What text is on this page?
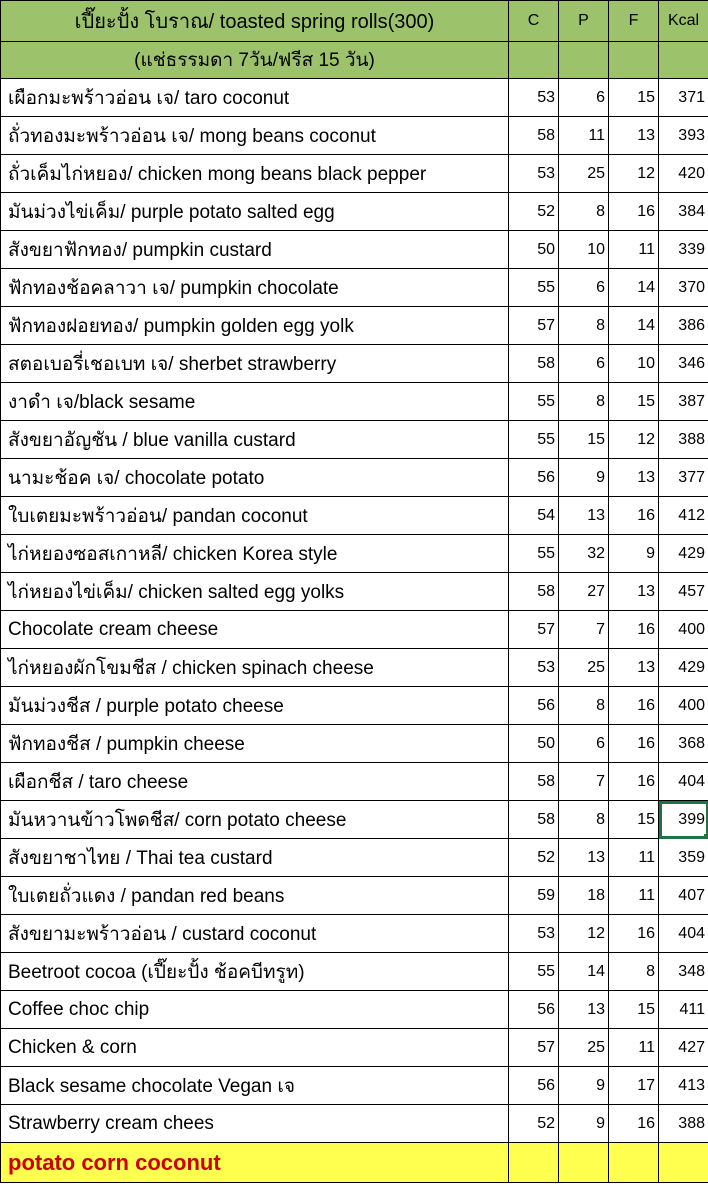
เปี๊ยะปั้ง โบราณ/ toasted spring rolls(300)	C	P	F	Kcal
(แช่ธรรมดา 7วัน/ฟรีส 15 วัน)				
เผือกมะพร้าวอ่อน เจ/ taro coconut	53	6	15	371
ถั่วทองมะพร้าวอ่อน เจ/ mong beans coconut	58	11	13	393
ถั่วเค็มไก่หยอง/ chicken mong beans black pepper	53	25	12	420
มันม่วงไข่เค็ม/ purple potato salted egg	52	8	16	384
สังขยาฟักทอง/ pumpkin custard	50	10	11	339
ฟักทองช้อคลาวา เจ/ pumpkin chocolate	55	6	14	370
ฟักทองฝอยทอง/ pumpkin golden egg yolk	57	8	14	386
สตอเบอรี่เชอเบท เจ/ sherbet strawberry	58	6	10	346
งาดำ เจ/black sesame	55	8	15	387
สังขยาอัญชัน / blue vanilla custard	55	15	12	388
นามะช้อค เจ/ chocolate potato	56	9	13	377
ใบเตยมะพร้าวอ่อน/ pandan coconut	54	13	16	412
ไก่หยองซอสเกาหลี/ chicken Korea style	55	32	9	429
ไก่หยองไข่เค็ม/ chicken salted egg yolks	58	27	13	457
Chocolate cream cheese	57	7	16	400
ไก่หยองผักโขมชีส / chicken spinach cheese	53	25	13	429
มันม่วงชีส / purple potato cheese	56	8	16	400
ฟักทองชีส / pumpkin cheese	50	6	16	368
เผือกชีส / taro cheese	58	7	16	404
มันหวานข้าวโพดชีส/ corn potato cheese	58	8	15	399

สังขยาชาไทย / Thai tea custard	52	13	11	359
ใบเตยถั่วแดง / pandan red beans	59	18	11	407
สังขยามะพร้าวอ่อน / custard coconut	53	12	16	404
Beetroot cocoa (เปี๊ยะปั้ง ช้อคบีทรูท)	55	14	8	348
Coffee choc chip	56	13	15	411
Chicken & corn	57	25	11	427
Black sesame chocolate Vegan เจ	56	9	17	413
Strawberry cream chees	52	9	16	388
potato corn coconut				
